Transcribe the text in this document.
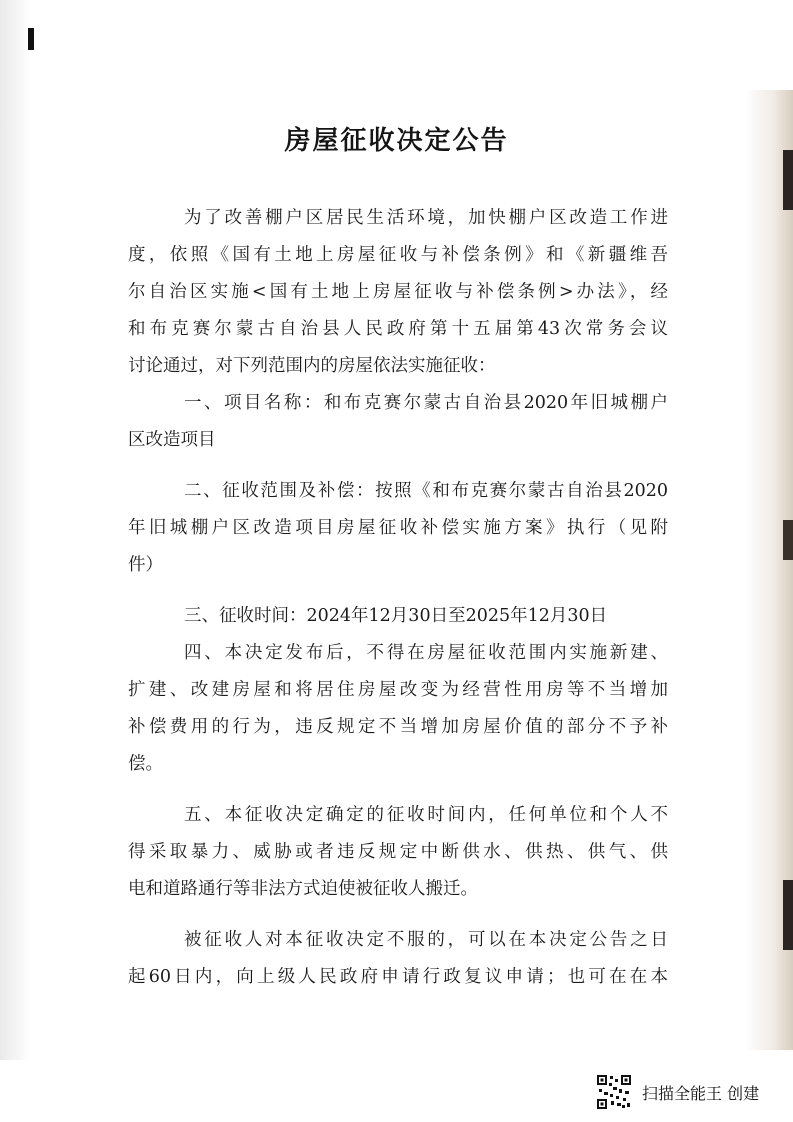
房屋征收决定公告
为了改善棚户区居民生活环境，加快棚户区改造工作进
度，依照《国有土地上房屋征收与补偿条例》和《新疆维吾
尔自治区实施<国有土地上房屋征收与补偿条例>办法》，经
和布克赛尔蒙古自治县人民政府第十五届第43次常务会议
讨论通过，对下列范围内的房屋依法实施征收：
一、项目名称：和布克赛尔蒙古自治县2020年旧城棚户
区改造项目
二、征收范围及补偿：按照《和布克赛尔蒙古自治县2020
年旧城棚户区改造项目房屋征收补偿实施方案》执行（见附
件）
三、征收时间：2024年12月30日至2025年12月30日
四、本决定发布后，不得在房屋征收范围内实施新建、
扩建、改建房屋和将居住房屋改变为经营性用房等不当增加
补偿费用的行为，违反规定不当增加房屋价值的部分不予补
偿。
五、本征收决定确定的征收时间内，任何单位和个人不
得采取暴力、威胁或者违反规定中断供水、供热、供气、供
电和道路通行等非法方式迫使被征收人搬迁。
被征收人对本征收决定不服的，可以在本决定公告之日
起60日内，向上级人民政府申请行政复议申请；也可在在本
扫描全能王 创建
